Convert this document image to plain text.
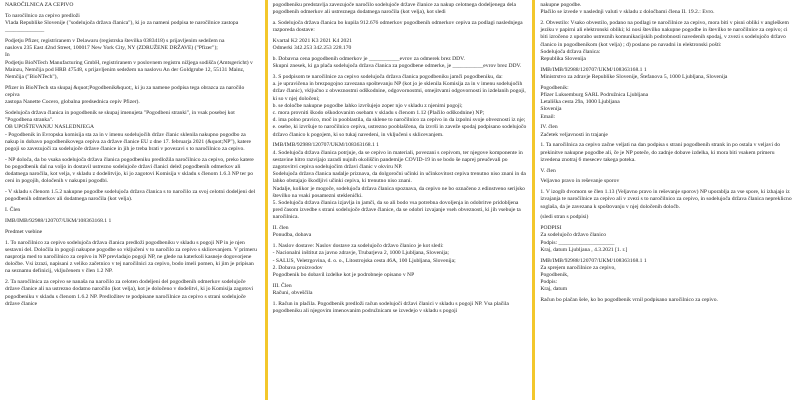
NAROČILNICA ZA CEPIVO

To naročilnico za cepivo predloži
Vlada Republike Slovenije ("sodelujoča država članica"), ki jo za nameni podpisa te naročilnice zastopa ______________

Podjetju Pfizer, registriranem v Delawaru (registrska številka 0383418) s prijavljenim sedežem na
naslovu 235 East 42nd Street, 100017 New York City, NY (ZDRUŽENE DRŽAVE) ("Pfizer");
In
Podjetju BioNTech Manufacturing GmbH, registriranem v poslovnem registru nižjega sodišča (Amtsgericht) v Mainzu, Nemčija pod HRB 47548, s prijavljenim sedežem na naslovu An der Goldgrube 12, 55131 Mainz, Nemčija ("BioNTech"),

Pfizer in BioNTech sta skupaj &quot;Pogodbenik&quot;, ki ju za namene podpisa tega obrazca za naročilo cepiva
zastopa Nanette Cocero, globalna predsednica cepiv Pfizer).

Sodelujoča država članica in pogodbenik se skupaj imenujeta "Pogodbeni stranki", in vsak posebej kot "Pogodbena stranka".
OB UPOŠTEVANJU NASLEDNJEGA
- Pogodbenik in Evropska komisija sta za in v imenu sodelujočih držav članic sklenila nakupno pogodbo za nakup in dobavo pogodbenikovega cepiva za države članice EU z dne 17. februarja 2021 (&quot;NP"), katere pogoji so zavezujoči za sodelujoče države članice in jih je treba brati v povezavi s to naročilnico za cepivo.

- NP določa, da bo vsaka sodelujoča država članica pogodbeniku predložila naročilnico za cepivo, preko katere bo pogodbenik dal na voljo in dostavil ustrezno sodelujoče državi članici delež pogodbenih odmerkov ali dodatnega naročila, kot velja, v skladu z dodelitvijo, ki jo zagotovi Komisija v skladu s členom 1.6.3 NP ter po ceni in pogojih, določenih v nakupni pogodbi.

- V skladu s členom 1.5.2 nakupne pogodbe sodelujoča država članica s to naročilo za svoj celotni dodeljeni del pogodbenih odmerkov ali dodatnega naročila (kot velja).

I. Člen

IMB/IMB/92988/120707/UKM/108363168.1 1

Predmet vsebine

1. To naročilnico za cepivo sodelujoča država članica predloži pogodbeniku v skladu s pogoji NP in je njen sestavni del. Določila in pogoji nakupne pogodbe so vključeni v to naročilo za cepivo s sklicevanjem. V primeru nasprotja med to naročilnico za cepivo in NP prevladajo pogoji NP, ne glede na katerkoli kasneje dogovorjene določbe. Vsi izrazi, napisani z veliko začetnico v tej naročilnici za cepivo, bodo imeli pomen, ki jim je pripisan na seznamu definicij, vključenem v člen 1.2 NP.

2. Ta naročilnica za cepivo se nanaša na naročilo za celoten dodeljeni del pogodbenih odmerkov sodelujoče države članice ali na ustrezno dodatno naročilo (kot velja), kot je določeno v dodelitvi, ki jo Komisija zagotovi pogodbeniku v skladu s členom 1.6.2 NP. Predložitev te podpisane naročilnice za cepivo s strani sodelujoče države članice

pogodbeniku predstavlja zavezujoče naročilo sodelujoče države članice za nakup celotnega dodeljenega dela pogodbenih odmerkov ali ustreznega dodatnega naročila (kot velja), kot sledi

a. Sodelujoča država članica bo kupila 912.676 odmerkov pogodbenih odmerkov cepiva za podlagi naslednjega razporeda dostave:

Kvartal K2 2021 K3 2021 K4 2021
Odmerki 342.253 342.253 228.170

b. Dobavna cena pogodbenih odmerkov je ___________evrov za odmerek brez DDV.
Skupni znesek, ki ga plača sodelujoča država članica za pogodbene odmerke, je ___________evrov brez DDV.

3. S podpisom te naročilnice za cepivo sodelujoča država članica pogodbeniku jamči pogodbeniku, da:
a. je upravičena in brezpogojno zavezana spoštevanju NP (kot jo je sklenila Komisija za in v imenu sodelujočih držav članic), vključno z obveznostmi odškodnine, odgovornostmi, omejitvami odgovornosti in izdelanih pogoji, ki so v njej določeni;
b. se določbe nakupne pogodbe lahko izvršujejo zoper njo v skladu z njenimi pogoji;
c. mora provniti škodo oškodovanim osebam v skladu s členom 1.12 (Plačilo odškodnine) NP;
d. ima polno pravico, moč in pooblastila, da sklene to naročilnico za cepivo in da izpolni svoje obveznosti iz nje;
e. osebe, ki izvršuje to naročilnico cepiva, ustrezno pooblaščena, da izvrši in zaveže spodaj podpisano sodelujočo državo članico k pogojem, ki so tukaj navedeni, in vključeni s sklicevanjem.

IMB/IMB/92988/120707/UKM/108363168.1 1
4. Sodelujoča država članica potrjuje, da se cepivo in materiali, povezani s cepivom, ter njegove komponente in sestavine hitro razvijajo zaradi nujnih okoliščin pandemije COVID-19 in se bodo še naprej preučevali po zagotovitvi cepiva sodelujočim državi članic v okviru NP.
Sodelujoča država članica nadalje priznava, da dolgoročni učinki in učinkovitost cepiva trenutno niso znani in da lahko obstajajo škodljivi učinki cepiva, ki trenutno niso znani.
Nadalje, kolikor je mogoče, sodelujoča država članica spoznava, da cepivo ne bo označeno z edinstveno serijsko številko na vsaki posamezni steklenički.
5. Sodelujoča država članica izjavlja in jamči, da so ali bodo vsa potrebna dovoljenja in odobritve pridobljena pred časom izvedbe s strani sodelujoče države članice, da se odobri izvajanje vseh obveznosti, ki jih vsebuje ta naročilnica.

II. člen
Ponudba, dobava

1. Naslov dostave: Naslov dostave za sodelujočo državo članico je kot sledi:
- Nacionalni inštitut za javno zdravje, Trubarjeva 2, 1000 Ljubljana, Slovenija;
- SALUS, Veletrgovina, d. o. o., Litostrojska cesta 46A, 100 Ljubljana, Slovenija;
2. Dobava proizvodov
Pogodbenik bo dobavil izdelke kot je podrobneje opisano v NP

III. Člen
Računi, obveščila

1. Račun in plačila. Pogodbenik predloži račun sodelujoči državi članici v skladu s pogoji NP. Vsa plačila pogodbeniku ali njegovim imenovanim podružnicam se izvedejo v skladu s pogoji

nakupne pogodbe.
Plačilo se izvede v naslednji valuti v skladu z določbami člena II. 19.2.: Evro.

2. Obvestilo: Vsako obvestilo, podano na podlagi te naročilnice za cepivo, mora biti v pisni obliki v angleškem jeziku v papirni ali elektronski obliki; ki nosi številko nakupne pogodbe in številko te naročilnice za cepivo; ci biti izročeno z uporabo ustreznih komunikacijskih podrobnosti navedenih spodaj, v zvezi s sodelujočo državo članico in pogodbenikom (kot velja) ; d) poslano po navadni in elektronski pošti:
Sodelujoča država članica:
Republika Slovenija

IMB/IMB/92988/120707/UKM/108363168.1 1
Ministrstvo za zdravje Republike Slovenije, Štefanova 5, 1000 Ljubljana, Slovenija

Pogodbenik:
Pfizer Luksemburg SARL Podružnica Ljubljana
Letališka cesta 29a, 1000 Ljubljana
Slovenija
Email:

IV. člen
Začetek veljavnosti in trajanje

1. Ta naročilnica za cepivo začne veljati na dan podpisa s strani pogodbenih strank in po ostala v veljavi do prekinitve nakupne pogodbe ali, če je NP poteče, do zadnje dobave izdelka, ki mora biti vsakem primeru izvedena znotraj 6 mesecev takega poteka.

V. člen

Veljavno pravo in reševanje sporov

1. V izogib dvomom se člen 1.13 (Veljavno pravo in reševanje sporov) NP uporablja za vse spore, ki izhajajo iz izvajanja te naročilnice za cepivo ali v zvezi s to naročilnico za cepivo, in sodelujoča država članica nepreklicno soglaša, da je zavezana k spoštovanju v njej določenih določb.

(sledi stran s podpisi)

PODPISI
Za sodelujočo državo članico
Podpis: ____________________
Kraj, datum Ljubljana , 4.3.2021 [1. r.]

IMB/IMB/92988/120707/UKM/108363168.1 1
Za sprejem naročilnice za cepivo,
Pogodbenik,
Podpis:
Kraj, datum

Račun bo plačan šele, ko bo pogodbenik vrnil podpisano naročilnico za cepivo.
